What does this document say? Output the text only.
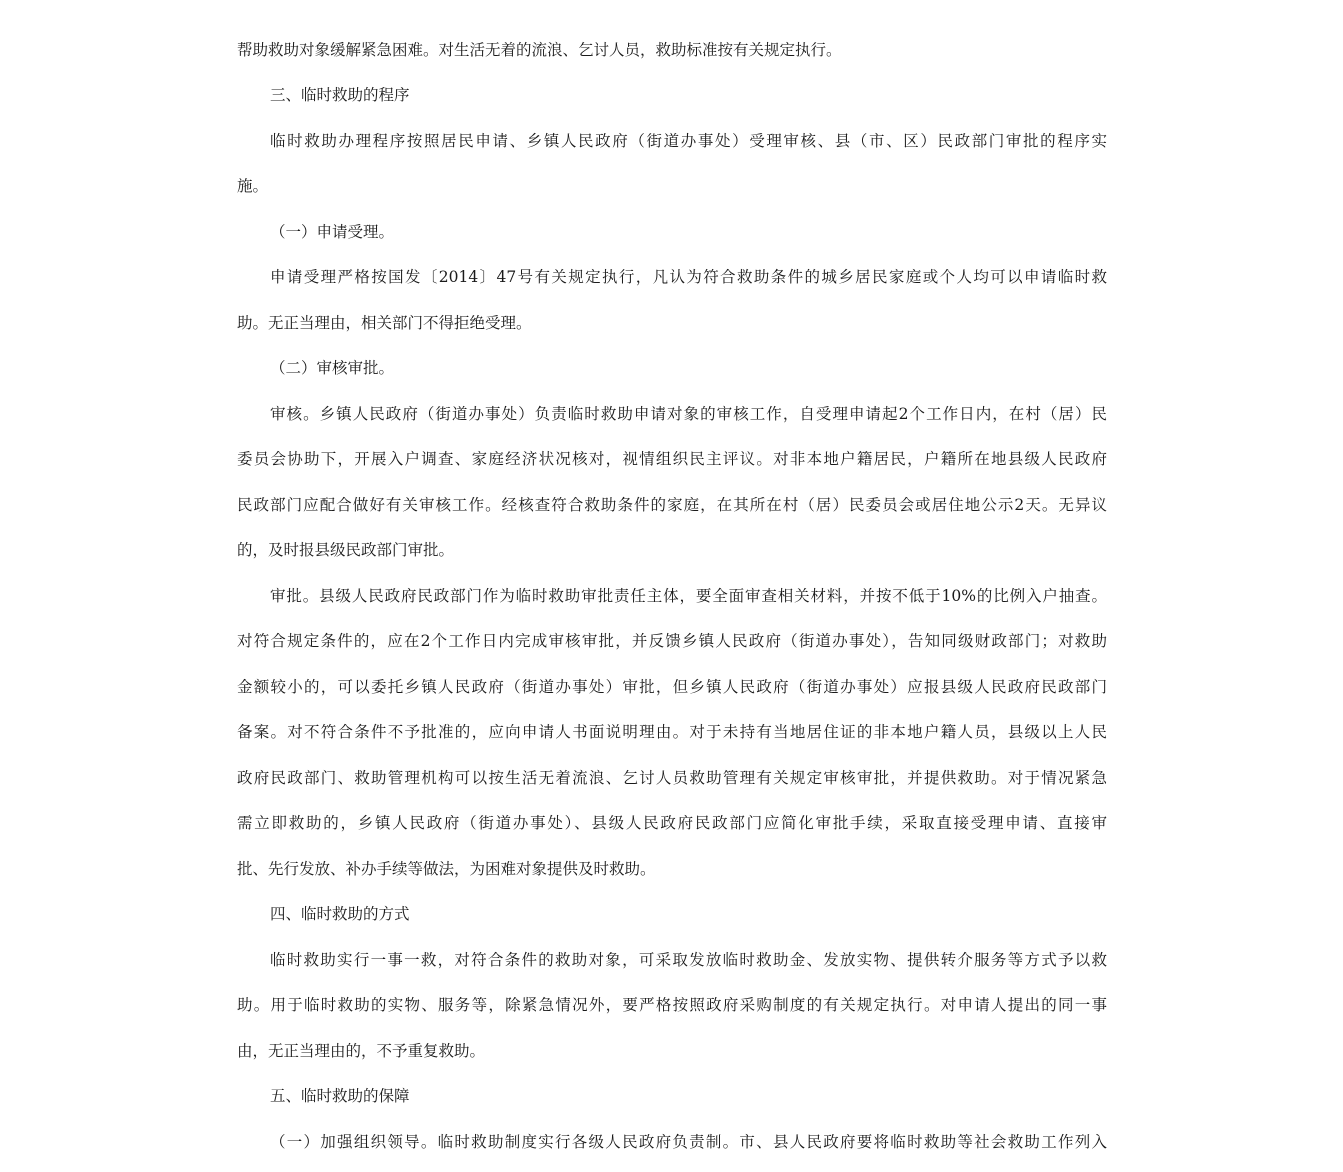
帮助救助对象缓解紧急困难。对生活无着的流浪、乞讨人员，救助标准按有关规定执行。

三、临时救助的程序

临时救助办理程序按照居民申请、乡镇人民政府（街道办事处）受理审核、县（市、区）民政部门审批的程序实

施。

（一）申请受理。

申请受理严格按国发〔2014〕47号有关规定执行，凡认为符合救助条件的城乡居民家庭或个人均可以申请临时救

助。无正当理由，相关部门不得拒绝受理。

（二）审核审批。

审核。乡镇人民政府（街道办事处）负责临时救助申请对象的审核工作，自受理申请起2个工作日内，在村（居）民

委员会协助下，开展入户调查、家庭经济状况核对，视情组织民主评议。对非本地户籍居民，户籍所在地县级人民政府

民政部门应配合做好有关审核工作。经核查符合救助条件的家庭，在其所在村（居）民委员会或居住地公示2天。无异议

的，及时报县级民政部门审批。

审批。县级人民政府民政部门作为临时救助审批责任主体，要全面审查相关材料，并按不低于10%的比例入户抽查。

对符合规定条件的，应在2个工作日内完成审核审批，并反馈乡镇人民政府（街道办事处），告知同级财政部门；对救助

金额较小的，可以委托乡镇人民政府（街道办事处）审批，但乡镇人民政府（街道办事处）应报县级人民政府民政部门

备案。对不符合条件不予批准的，应向申请人书面说明理由。对于未持有当地居住证的非本地户籍人员，县级以上人民

政府民政部门、救助管理机构可以按生活无着流浪、乞讨人员救助管理有关规定审核审批，并提供救助。对于情况紧急

需立即救助的，乡镇人民政府（街道办事处）、县级人民政府民政部门应简化审批手续，采取直接受理申请、直接审

批、先行发放、补办手续等做法，为困难对象提供及时救助。

四、临时救助的方式

临时救助实行一事一救，对符合条件的救助对象，可采取发放临时救助金、发放实物、提供转介服务等方式予以救

助。用于临时救助的实物、服务等，除紧急情况外，要严格按照政府采购制度的有关规定执行。对申请人提出的同一事

由，无正当理由的，不予重复救助。

五、临时救助的保障

（一）加强组织领导。临时救助制度实行各级人民政府负责制。市、县人民政府要将临时救助等社会救助工作列入
